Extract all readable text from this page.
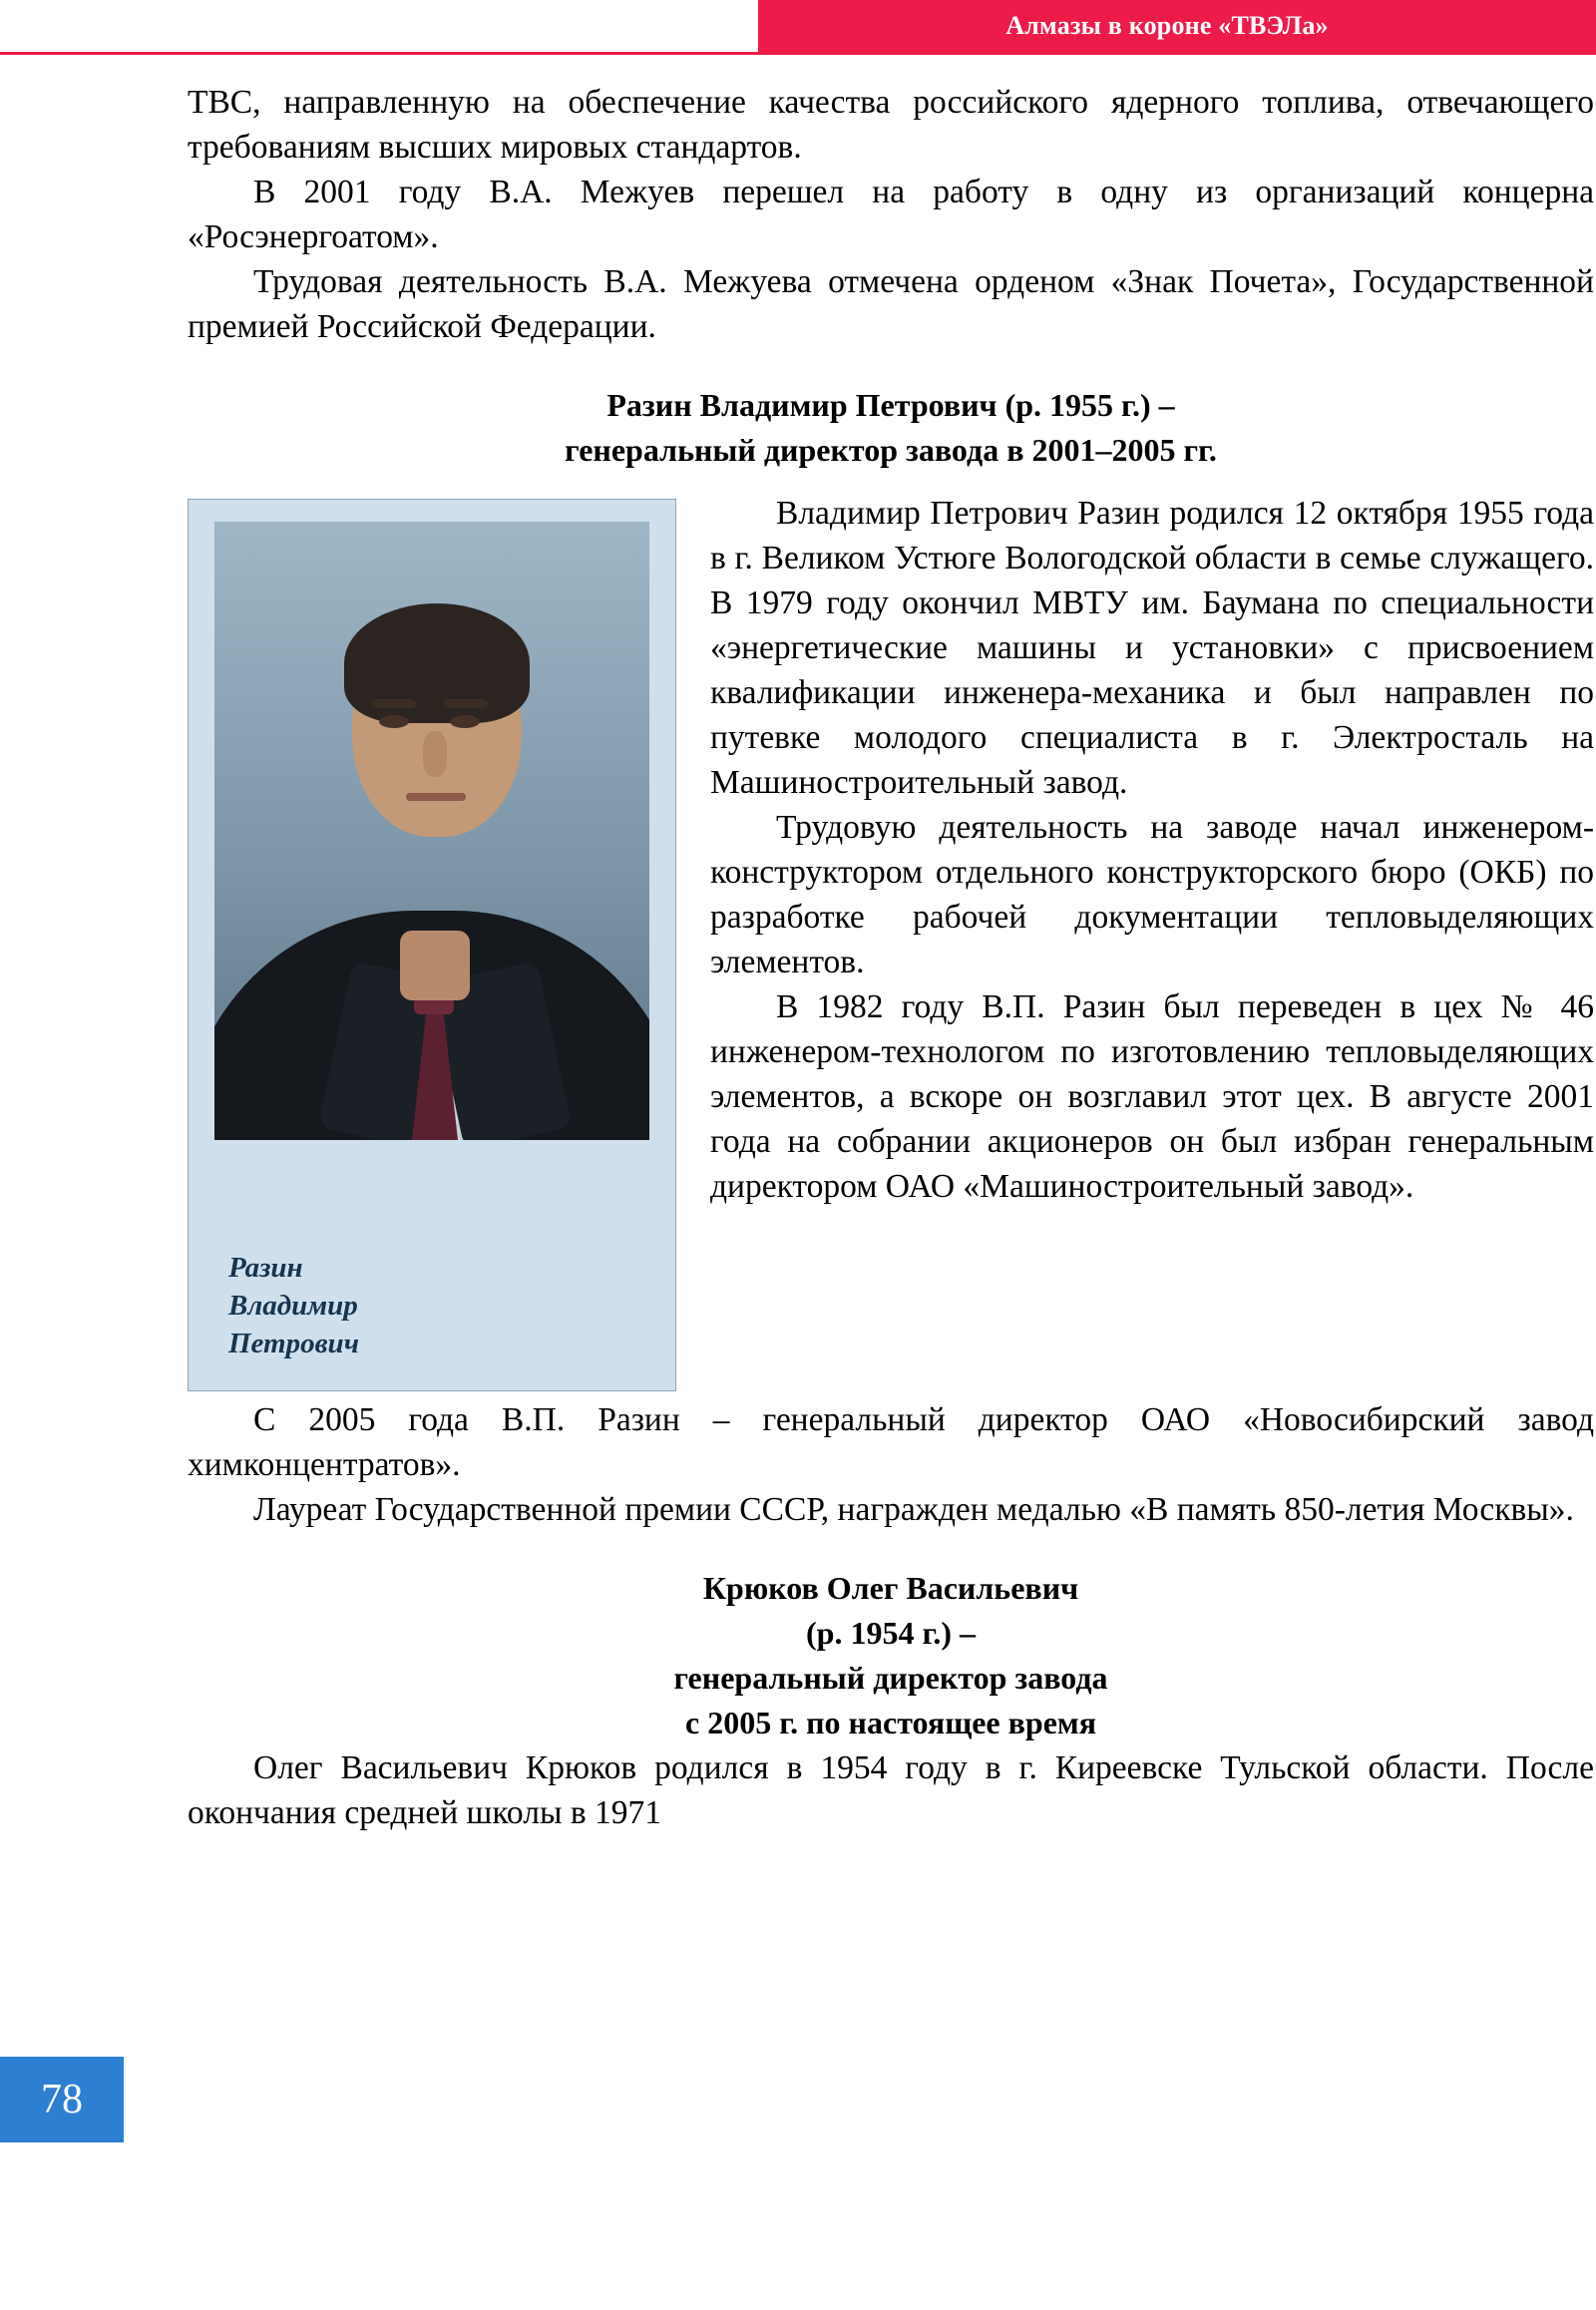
Алмазы в короне «ТВЭЛа»
78

ТВС, направленную на обеспечение качества российского ядерного топлива, отвечающего требованиям высших мировых стандартов.

В 2001 году В.А. Межуев перешел на работу в одну из организаций концерна «Росэнергоатом».

Трудовая деятельность В.А. Межуева отмечена орденом «Знак Почета», Государственной премией Российской Федерации.

Разин Владимир Петрович (р. 1955 г.) –
генеральный директор завода в 2001–2005 гг.
Разин
Владимир
Петрович

Владимир Петрович Разин родился 12 октября 1955 года в г. Великом Устюге Вологодской области в семье служащего. В 1979 году окончил МВТУ им. Баумана по специальности «энергетические машины и установки» с присвоением квалификации инженера-механика и был направлен по путевке молодого специалиста в г. Электросталь на Машиностроительный завод.

Трудовую деятельность на заводе начал инженером-конструктором отдельного конструкторского бюро (ОКБ) по разработке рабочей документации тепловыделяющих элементов.

В 1982 году В.П. Разин был переведен в цех № 46 инженером-технологом по изготовлению тепловыделяющих элементов, а вскоре он возглавил этот цех. В августе 2001 года на собрании акционеров он был избран генеральным директором ОАО «Машиностроительный завод».

С 2005 года В.П. Разин – генеральный директор ОАО «Новосибирский завод химконцентратов».

Лауреат Государственной премии СССР, награжден медалью «В память 850-летия Москвы».

Крюков Олег Васильевич
(р. 1954 г.) –
генеральный директор завода
с 2005 г. по настоящее время

Олег Васильевич Крюков родился в 1954 году в г. Киреевске Тульской области. После окончания средней школы в 1971
